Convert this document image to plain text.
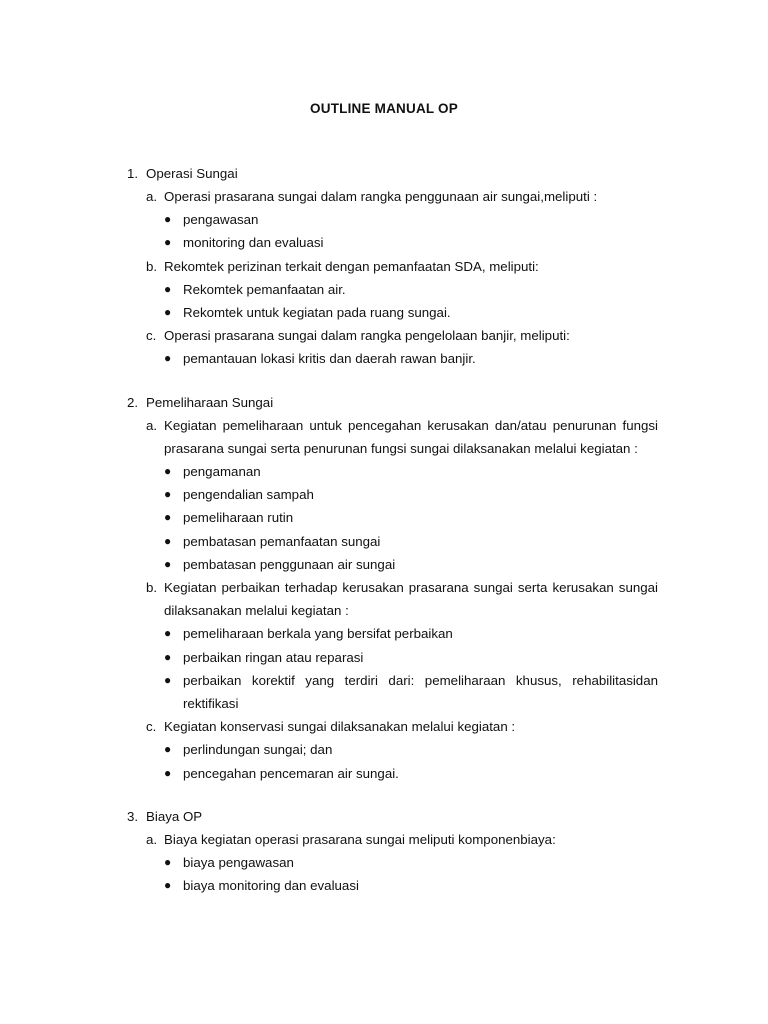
OUTLINE MANUAL OP
1. Operasi Sungai
a. Operasi prasarana sungai dalam rangka penggunaan air sungai,meliputi :
● pengawasan
● monitoring dan evaluasi
b. Rekomtek perizinan terkait dengan pemanfaatan SDA, meliputi:
● Rekomtek pemanfaatan air.
● Rekomtek untuk kegiatan pada ruang sungai.
c. Operasi prasarana sungai dalam rangka pengelolaan banjir, meliputi:
● pemantauan lokasi kritis dan daerah rawan banjir.
2. Pemeliharaan Sungai
a. Kegiatan pemeliharaan untuk pencegahan kerusakan dan/atau penurunan fungsi prasarana sungai serta penurunan fungsi sungai dilaksanakan melalui kegiatan :
● pengamanan
● pengendalian sampah
● pemeliharaan rutin
● pembatasan pemanfaatan sungai
● pembatasan penggunaan air sungai
b. Kegiatan perbaikan terhadap kerusakan prasarana sungai serta kerusakan sungai dilaksanakan melalui kegiatan :
● pemeliharaan berkala yang bersifat perbaikan
● perbaikan ringan atau reparasi
● perbaikan korektif yang terdiri dari: pemeliharaan khusus, rehabilitasidan rektifikasi
c. Kegiatan konservasi sungai dilaksanakan melalui kegiatan :
● perlindungan sungai; dan
● pencegahan pencemaran air sungai.
3. Biaya OP
a. Biaya kegiatan operasi prasarana sungai meliputi komponenbiaya:
● biaya pengawasan
● biaya monitoring dan evaluasi
